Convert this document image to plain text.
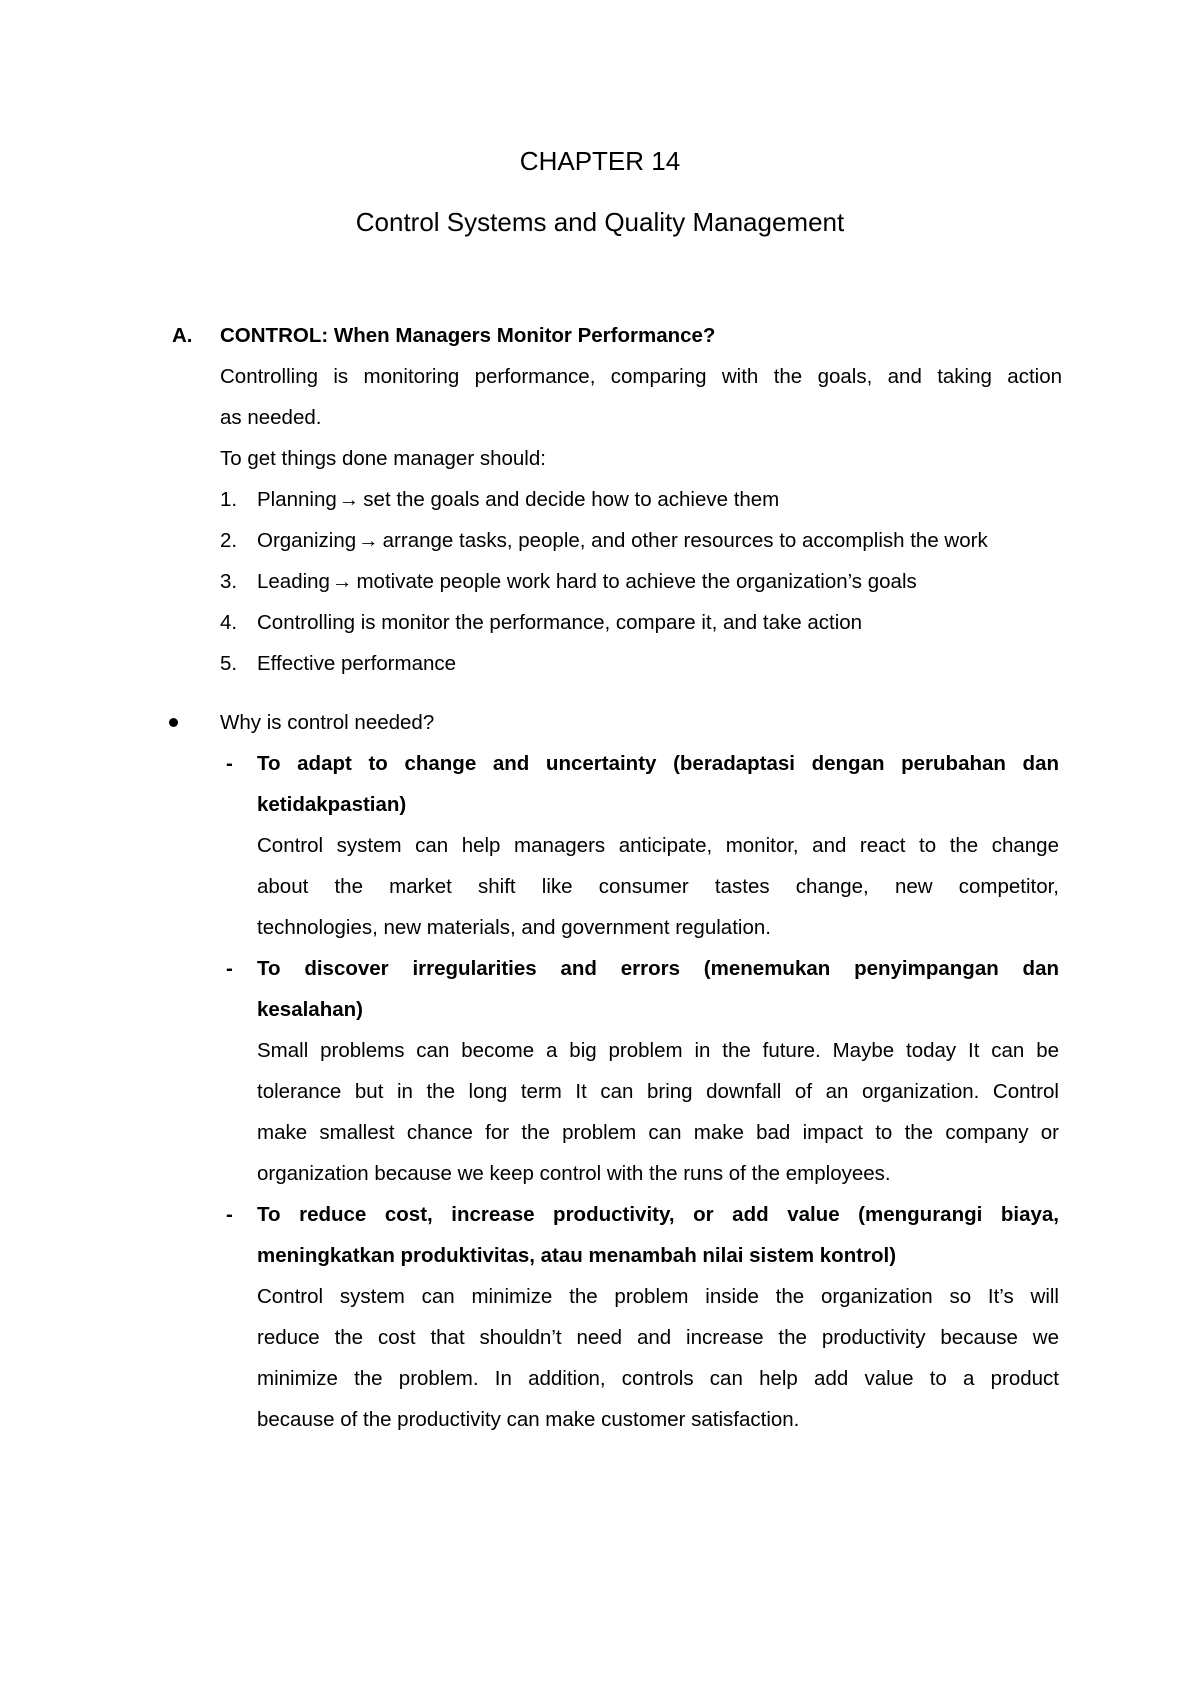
CHAPTER 14
Control Systems and Quality Management
A. CONTROL: When Managers Monitor Performance?
Controlling is monitoring performance, comparing with the goals, and taking action
as needed.
To get things done manager should:
1. Planning→ set the goals and decide how to achieve them
2. Organizing→ arrange tasks, people, and other resources to accomplish the work
3. Leading→ motivate people work hard to achieve the organization’s goals
4. Controlling is monitor the performance, compare it, and take action
5. Effective performance
Why is control needed?
- To adapt to change and uncertainty (beradaptasi dengan perubahan dan
ketidakpastian)
Control system can help managers anticipate, monitor, and react to the change
about the market shift like consumer tastes change, new competitor,
technologies, new materials, and government regulation.
- To discover irregularities and errors (menemukan penyimpangan dan
kesalahan)
Small problems can become a big problem in the future. Maybe today It can be
tolerance but in the long term It can bring downfall of an organization. Control
make smallest chance for the problem can make bad impact to the company or
organization because we keep control with the runs of the employees.
- To reduce cost, increase productivity, or add value (mengurangi biaya,
meningkatkan produktivitas, atau menambah nilai sistem kontrol)
Control system can minimize the problem inside the organization so It’s will
reduce the cost that shouldn’t need and increase the productivity because we
minimize the problem. In addition, controls can help add value to a product
because of the productivity can make customer satisfaction.
